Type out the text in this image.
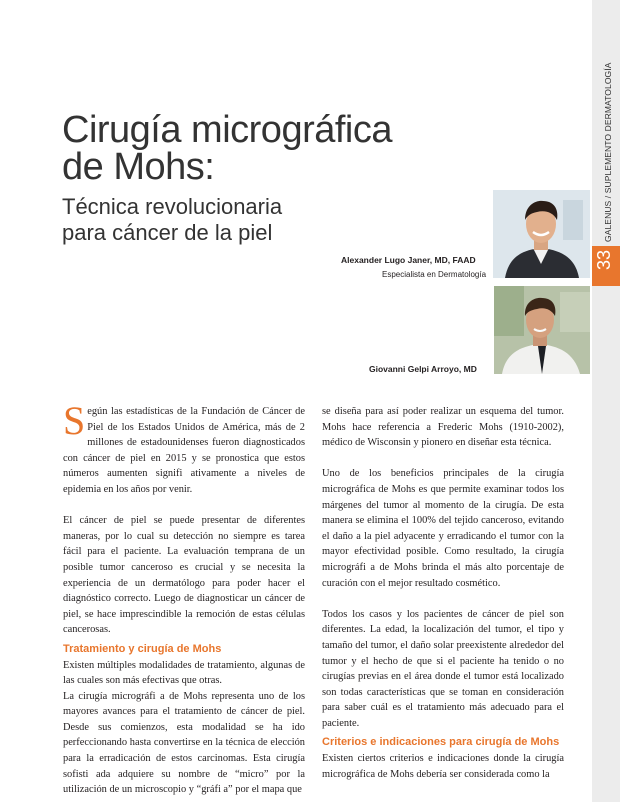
GALENUS / SUPLEMENTO DERMATOLOGÍA
33
Cirugía micrográfica
de Mohs:
Técnica revolucionaria
para cáncer de la piel
Alexander Lugo Janer, MD, FAAD
Especialista en Dermatología
Giovanni Gelpi Arroyo, MD

Según las estadísticas de la Fundación de Cáncer de Piel de los Estados Unidos de América, más de 2 millones de estadounidenses fueron diagnosticados con cáncer de piel en 2015 y se pronostica que estos números aumenten signifi ativamente a niveles de epidemia en los años por venir.

El cáncer de piel se puede presentar de diferentes maneras, por lo cual su detección no siempre es tarea fácil para el paciente. La evaluación temprana de un posible tumor canceroso es crucial y se necesita la experiencia de un dermatólogo para poder hacer el diagnóstico correcto. Luego de diagnosticar un cáncer de piel, se hace imprescindible la remoción de estas células cancerosas.

Tratamiento y cirugía de Mohs

Existen múltiples modalidades de tratamiento, algunas de las cuales son más efectivas que otras.

La cirugía micrográfi a de Mohs representa uno de los mayores avances para el tratamiento de cáncer de piel. Desde sus comienzos, esta modalidad se ha ido perfeccionando hasta convertirse en la técnica de elección para la erradicación de estos carcinomas. Esta cirugía sofisti ada adquiere su nombre de “micro” por la utilización de un microscopio y “gráfi a” por el mapa que

se diseña para así poder realizar un esquema del tumor. Mohs hace referencia a Frederic Mohs (1910-2002), médico de Wisconsin y pionero en diseñar esta técnica.

Uno de los beneficios principales de la cirugía micrográfica de Mohs es que permite examinar todos los márgenes del tumor al momento de la cirugía. De esta manera se elimina el 100% del tejido canceroso, evitando el daño a la piel adyacente y erradicando el tumor con la mayor efectividad posible. Como resultado, la cirugía micrográfi a de Mohs brinda el más alto porcentaje de curación con el mejor resultado cosmético.

Todos los casos y los pacientes de cáncer de piel son diferentes. La edad, la localización del tumor, el tipo y tamaño del tumor, el daño solar preexistente alrededor del tumor y el hecho de que si el paciente ha tenido o no cirugías previas en el área donde el tumor está localizado son todas características que se toman en consideración para saber cuál es el tratamiento más adecuado para el paciente.

Criterios e indicaciones para cirugía de Mohs

Existen ciertos criterios e indicaciones donde la cirugía micrográfica de Mohs debería ser considerada como la
